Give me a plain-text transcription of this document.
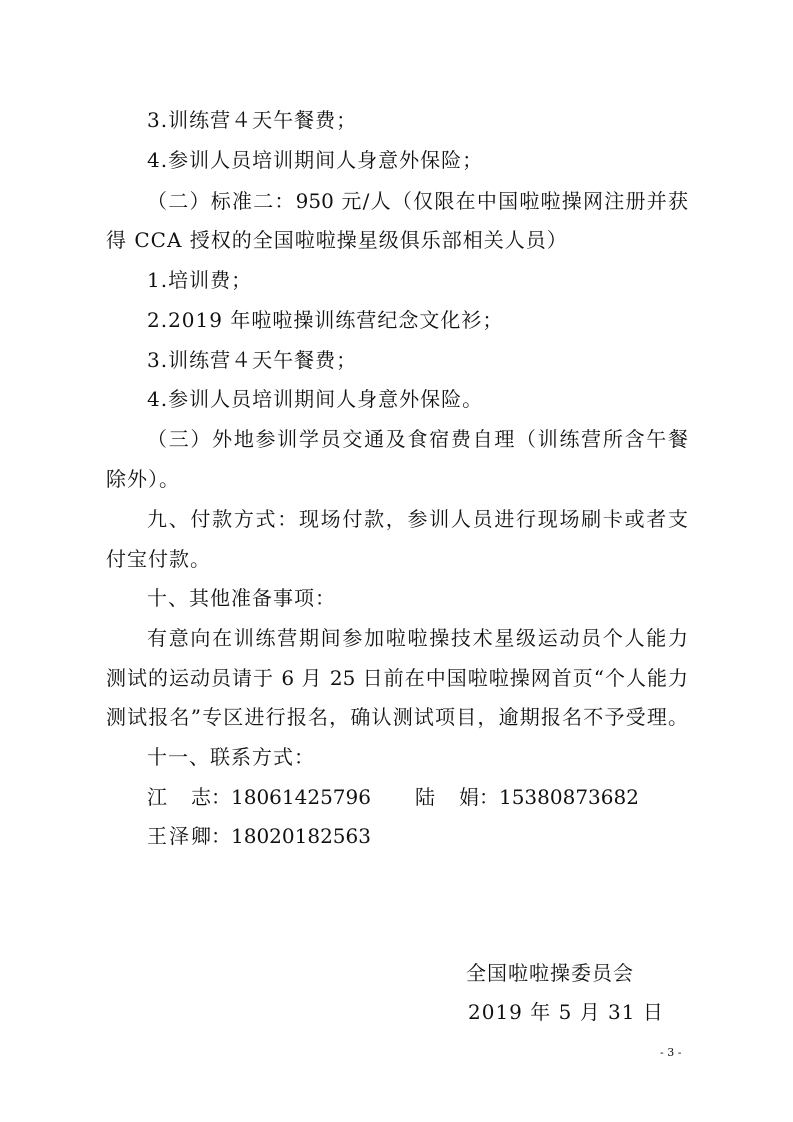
3.训练营４天午餐费；
4.参训人员培训期间人身意外保险；
（二）标准二：950 元/人（仅限在中国啦啦操网注册并获
得 CCA 授权的全国啦啦操星级俱乐部相关人员）
1.培训费；
2.2019 年啦啦操训练营纪念文化衫；
3.训练营４天午餐费；
4.参训人员培训期间人身意外保险。
（三）外地参训学员交通及食宿费自理（训练营所含午餐
除外）。
九、付款方式：现场付款，参训人员进行现场刷卡或者支
付宝付款。
十、其他准备事项：
有意向在训练营期间参加啦啦操技术星级运动员个人能力
测试的运动员请于 6 月 25 日前在中国啦啦操网首页“个人能力
测试报名”专区进行报名，确认测试项目，逾期报名不予受理。
十一、联系方式：
江　志：18061425796 陆　娟：15380873682
王泽卿：18020182563
全国啦啦操委员会
2019 年 5 月 31 日
- 3 -
